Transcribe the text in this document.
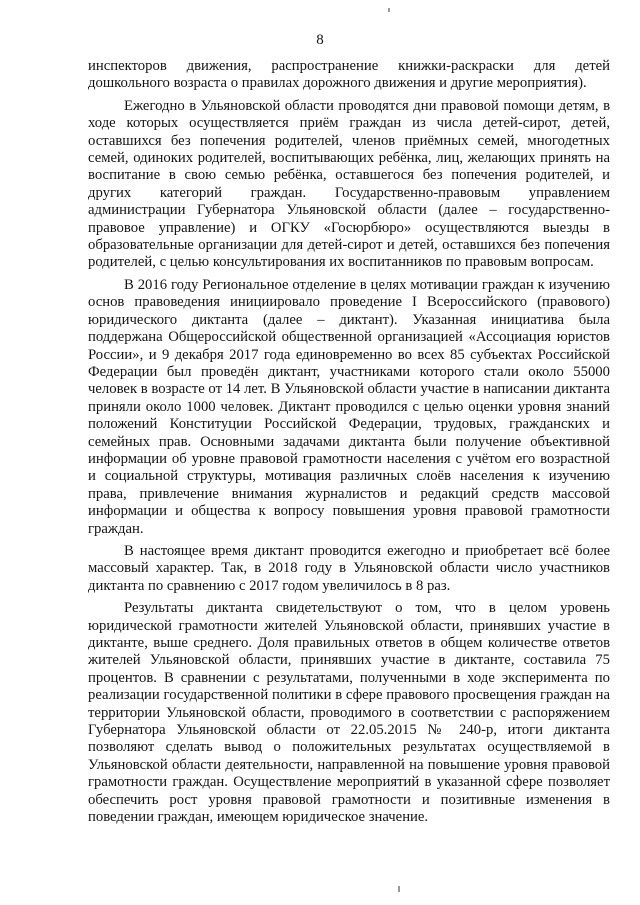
8

инспекторов движения, распространение книжки-раскраски для детей дошкольного возраста о правилах дорожного движения и другие мероприятия).

Ежегодно в Ульяновской области проводятся дни правовой помощи детям, в ходе которых осуществляется приём граждан из числа детей-сирот, детей, оставшихся без попечения родителей, членов приёмных семей, многодетных семей, одиноких родителей, воспитывающих ребёнка, лиц, желающих принять на воспитание в свою семью ребёнка, оставшегося без попечения родителей, и других категорий граждан. Государственно-правовым управлением администрации Губернатора Ульяновской области (далее – государственно-правовое управление) и ОГКУ «Госюрбюро» осуществляются выезды в образовательные организации для детей-сирот и детей, оставшихся без попечения родителей, с целью консультирования их воспитанников по правовым вопросам.

В 2016 году Региональное отделение в целях мотивации граждан к изучению основ правоведения инициировало проведение I Всероссийского (правового) юридического диктанта (далее – диктант). Указанная инициатива была поддержана Общероссийской общественной организацией «Ассоциация юристов России», и 9 декабря 2017 года единовременно во всех 85 субъектах Российской Федерации был проведён диктант, участниками которого стали около 55000 человек в возрасте от 14 лет. В Ульяновской области участие в написании диктанта приняли около 1000 человек. Диктант проводился с целью оценки уровня знаний положений Конституции Российской Федерации, трудовых, гражданских и семейных прав. Основными задачами диктанта были получение объективной информации об уровне правовой грамотности населения с учётом его возрастной и социальной структуры, мотивация различных слоёв населения к изучению права, привлечение внимания журналистов и редакций средств массовой информации и общества к вопросу повышения уровня правовой грамотности граждан.

В настоящее время диктант проводится ежегодно и приобретает всё более массовый характер. Так, в 2018 году в Ульяновской области число участников диктанта по сравнению с 2017 годом увеличилось в 8 раз.

Результаты диктанта свидетельствуют о том, что в целом уровень юридической грамотности жителей Ульяновской области, принявших участие в диктанте, выше среднего. Доля правильных ответов в общем количестве ответов жителей Ульяновской области, принявших участие в диктанте, составила 75 процентов. В сравнении с результатами, полученными в ходе эксперимента по реализации государственной политики в сфере правового просвещения граждан на территории Ульяновской области, проводимого в соответствии с распоряжением Губернатора Ульяновской области от 22.05.2015 № 240-р, итоги диктанта позволяют сделать вывод о положительных результатах осуществляемой в Ульяновской области деятельности, направленной на повышение уровня правовой грамотности граждан. Осуществление мероприятий в указанной сфере позволяет обеспечить рост уровня правовой грамотности и позитивные изменения в поведении граждан, имеющем юридическое значение.
